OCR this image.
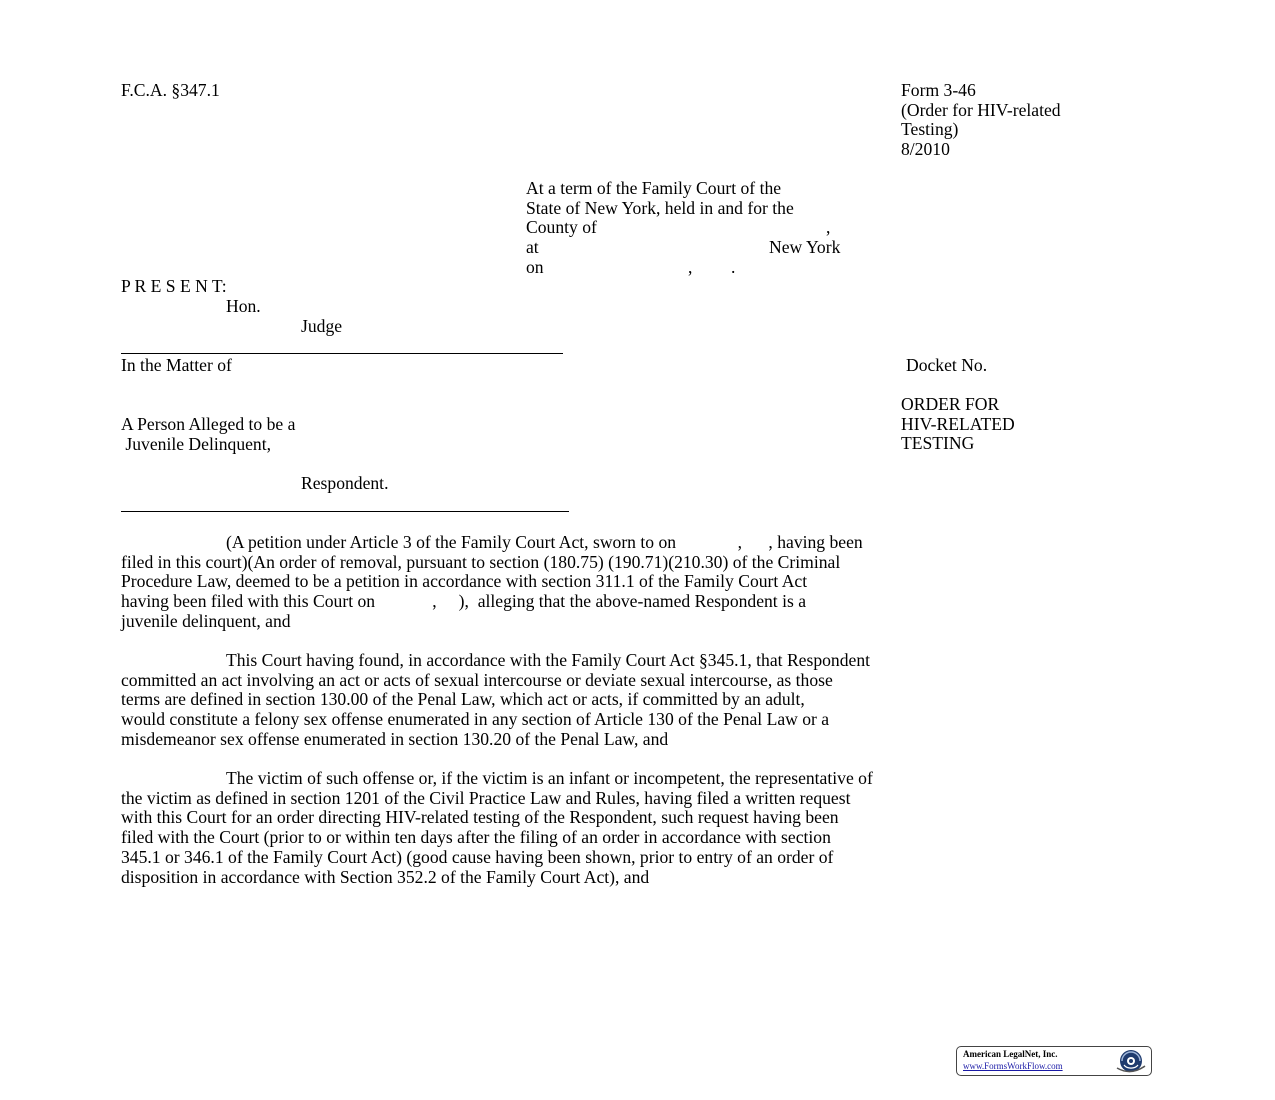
F.C.A. §347.1

	Form 3-46

(Order for HIV-related

Testing)

8/2010

At a term of the Family Court of the

State of New York, held in and for the

County of

	,

at

	New York

on

	,

.

P R E S E N T:
Hon.
Judge
In the Matter of	Docket No.

ORDER FOR

HIV-RELATED

TESTING

A Person Alleged to be a
Juvenile Delinquent,
Respondent.
(A petition under Article 3 of the Family Court Act, sworn to on              ,      , having been
filed in this court)(An order of removal, pursuant to section (180.75) (190.71)(210.30) of the Criminal
Procedure Law, deemed to be a petition in accordance with section 311.1 of the Family Court Act
having been filed with this Court on             ,     ),  alleging that the above-named Respondent is a
juvenile delinquent, and
This Court having found, in accordance with the Family Court Act §345.1, that Respondent
committed an act involving an act or acts of sexual intercourse or deviate sexual intercourse, as those
terms are defined in section 130.00 of the Penal Law, which act or acts, if committed by an adult,
would constitute a felony sex offense enumerated in any section of Article 130 of the Penal Law or a
misdemeanor sex offense enumerated in section 130.20 of the Penal Law, and
The victim of such offense or, if the victim is an infant or incompetent, the representative of
the victim as defined in section 1201 of the Civil Practice Law and Rules, having filed a written request
with this Court for an order directing HIV-related testing of the Respondent, such request having been
filed with the Court (prior to or within ten days after the filing of an order in accordance with section
345.1 or 346.1 of the Family Court Act) (good cause having been shown, prior to entry of an order of
disposition in accordance with Section 352.2 of the Family Court Act), and
American LegalNet, Inc.
www.FormsWorkFlow.com
